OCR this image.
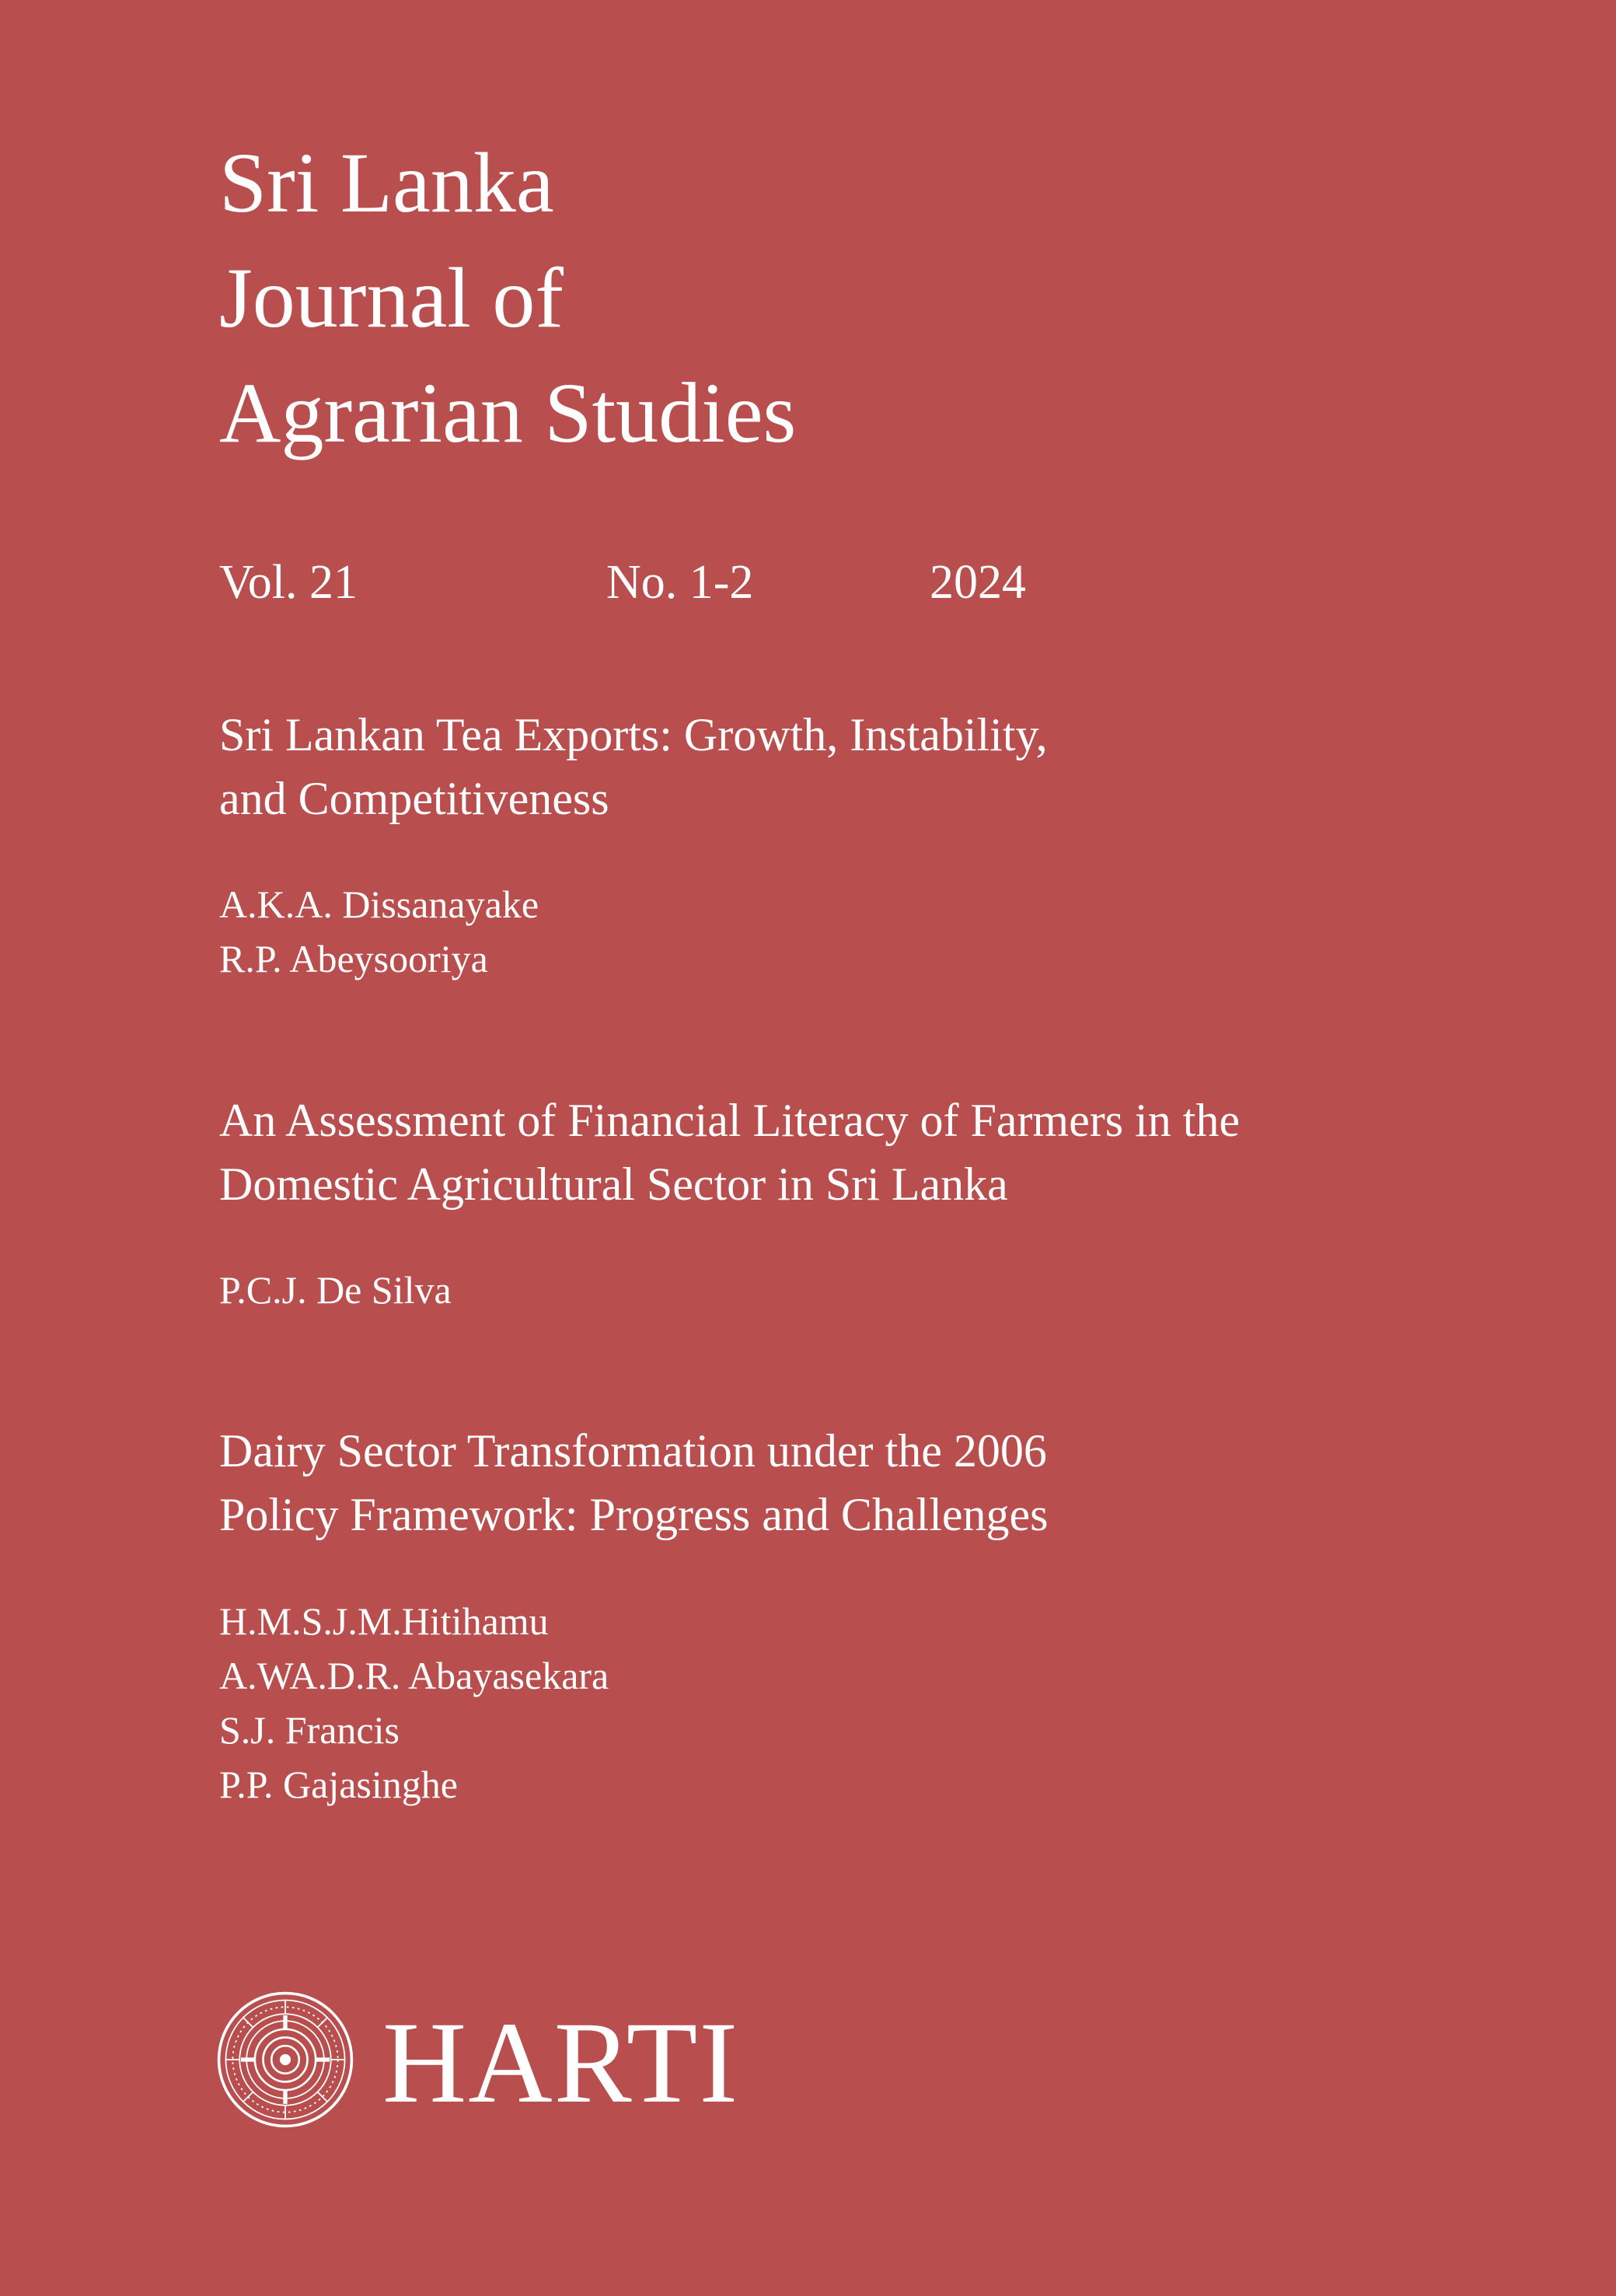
Sri Lanka
Journal of
Agrarian Studies
Vol. 21	No. 1-2	2024
Sri Lankan Tea Exports: Growth, Instability,
and Competitiveness
A.K.A. Dissanayake
R.P. Abeysooriya
An Assessment of Financial Literacy of Farmers in the
Domestic Agricultural Sector in Sri Lanka
P.C.J. De Silva
Dairy Sector Transformation under the 2006
Policy Framework: Progress and Challenges
H.M.S.J.M.Hitihamu
A.WA.D.R. Abayasekara
S.J. Francis
P.P. Gajasinghe
HARTI
